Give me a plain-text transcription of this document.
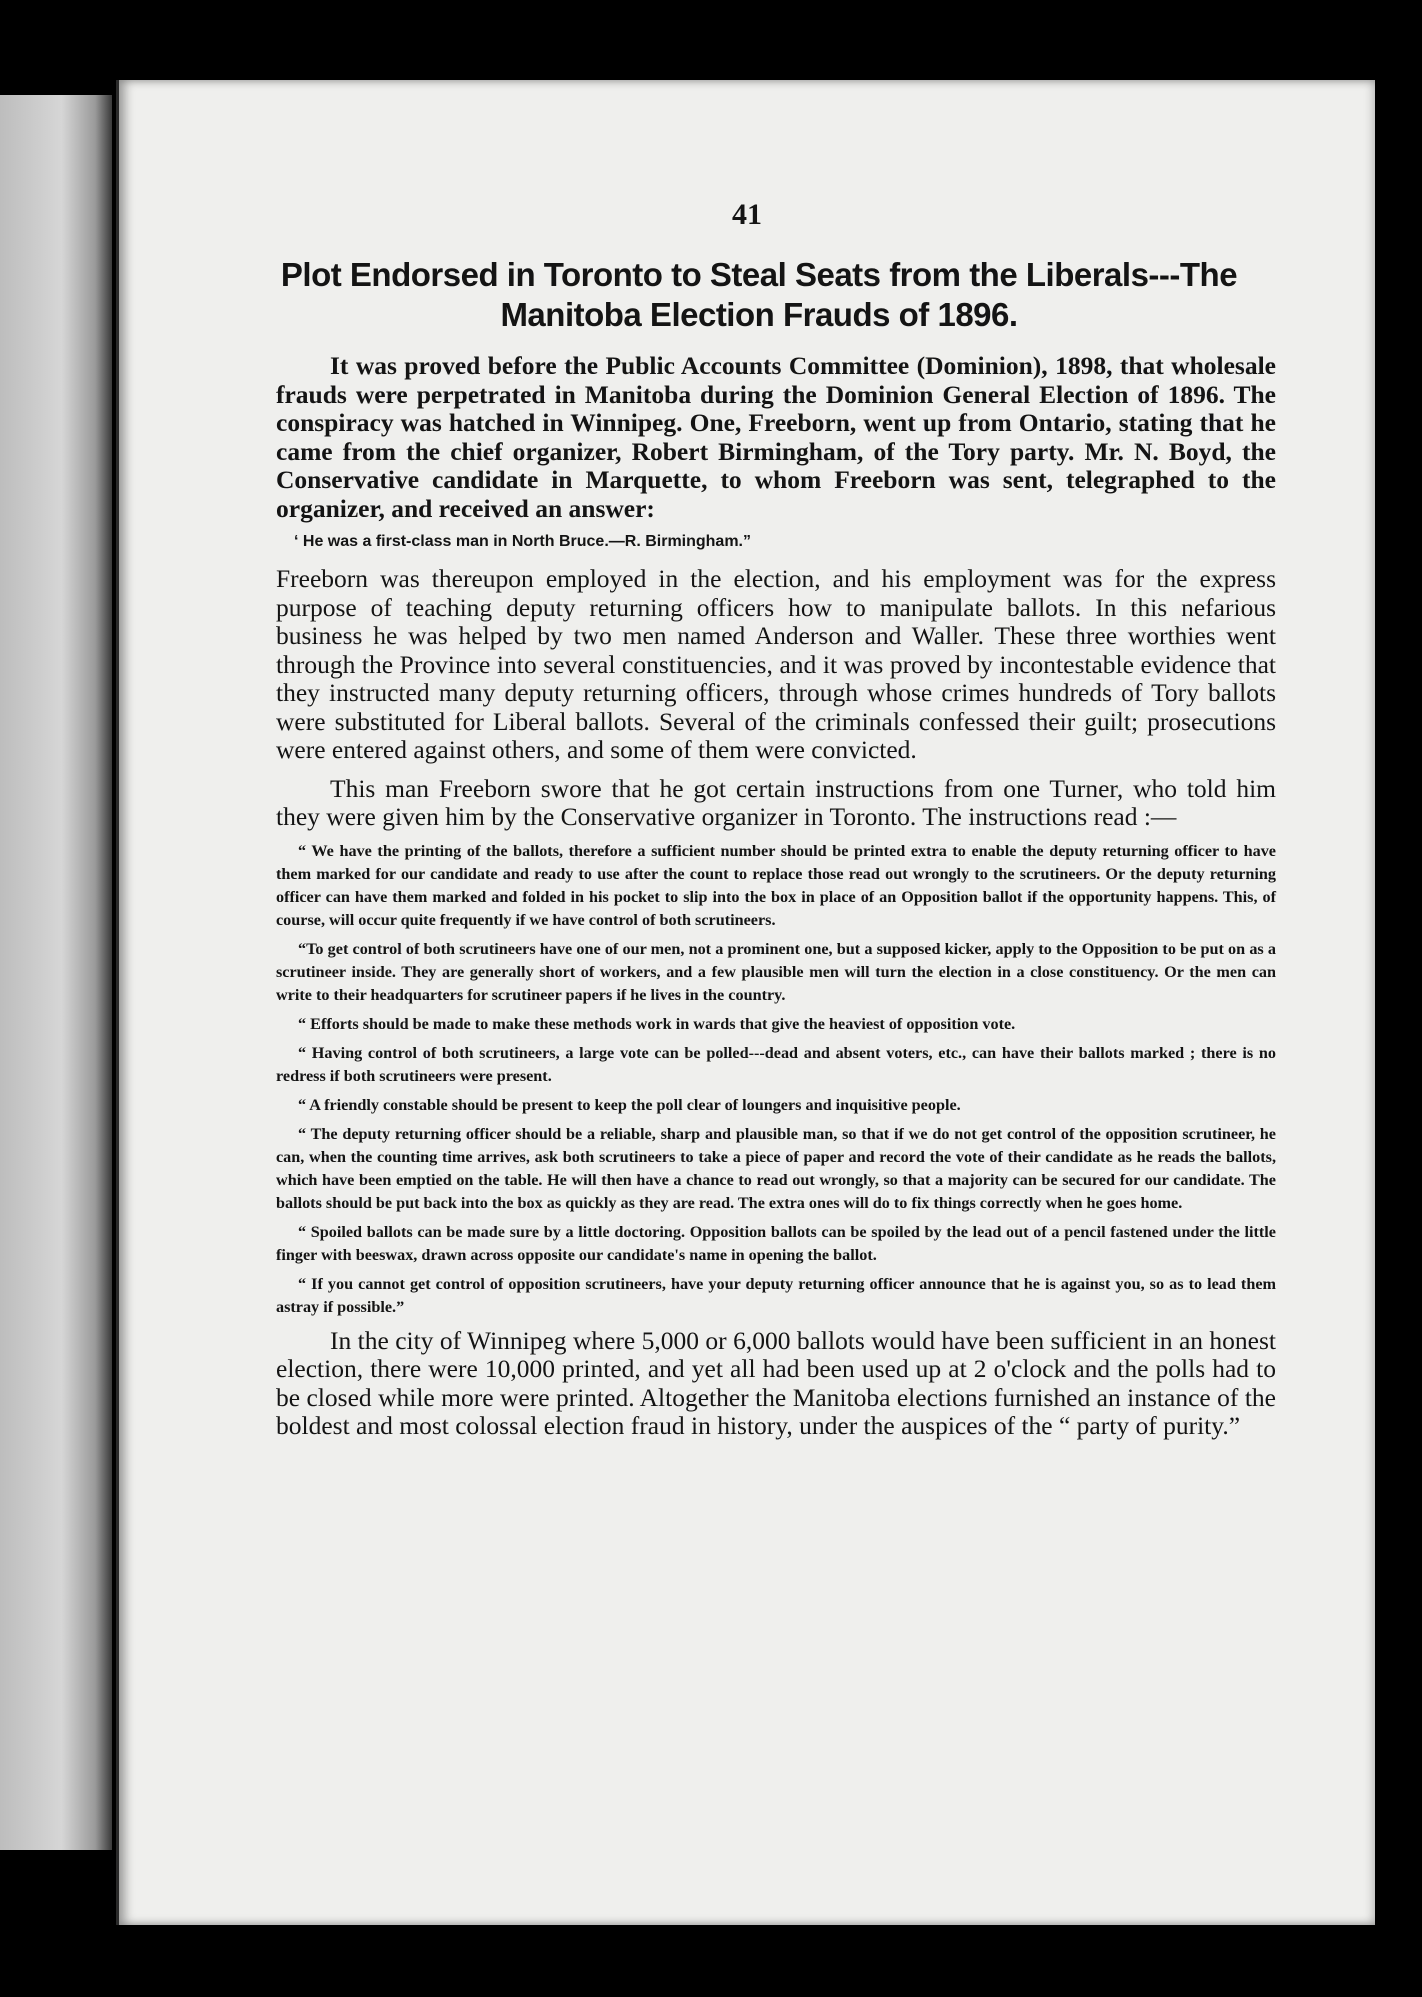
41
Plot Endorsed in Toronto to Steal Seats from the Liberals---The Manitoba Election Frauds of 1896.

It was proved before the Public Accounts Committee (Dominion), 1898, that wholesale frauds were perpetrated in Manitoba during the Dominion General Election of 1896. The conspiracy was hatched in Winnipeg. One, Freeborn, went up from Ontario, stating that he came from the chief organizer, Robert Birmingham, of the Tory party. Mr. N. Boyd, the Conservative candidate in Marquette, to whom Freeborn was sent, telegraphed to the organizer, and received an answer:

‘ He was a first-class man in North Bruce.—R. Birmingham.”

Freeborn was thereupon employed in the election, and his employment was for the express purpose of teaching deputy returning officers how to manipulate ballots. In this nefarious business he was helped by two men named Anderson and Waller. These three worthies went through the Province into several constituencies, and it was proved by incontestable evidence that they instructed many deputy returning officers, through whose crimes hundreds of Tory ballots were substituted for Liberal ballots. Several of the criminals confessed their guilt; prosecutions were entered against others, and some of them were convicted.

This man Freeborn swore that he got certain instructions from one Turner, who told him they were given him by the Conservative organizer in Toronto. The instructions read :—

“ We have the printing of the ballots, therefore a sufficient number should be printed extra to enable the deputy returning officer to have them marked for our candidate and ready to use after the count to replace those read out wrongly to the scrutineers. Or the deputy returning officer can have them marked and folded in his pocket to slip into the box in place of an Opposition ballot if the opportunity happens. This, of course, will occur quite frequently if we have control of both scrutineers.

“To get control of both scrutineers have one of our men, not a prominent one, but a supposed kicker, apply to the Opposition to be put on as a scrutineer inside. They are generally short of workers, and a few plausible men will turn the election in a close constituency. Or the men can write to their headquarters for scrutineer papers if he lives in the country.

“ Efforts should be made to make these methods work in wards that give the heaviest of opposition vote.

“ Having control of both scrutineers, a large vote can be polled---dead and absent voters, etc., can have their ballots marked ; there is no redress if both scrutineers were present.

“ A friendly constable should be present to keep the poll clear of loungers and inquisitive people.

“ The deputy returning officer should be a reliable, sharp and plausible man, so that if we do not get control of the opposition scrutineer, he can, when the counting time arrives, ask both scrutineers to take a piece of paper and record the vote of their candidate as he reads the ballots, which have been emptied on the table. He will then have a chance to read out wrongly, so that a majority can be secured for our candidate. The ballots should be put back into the box as quickly as they are read. The extra ones will do to fix things correctly when he goes home.

“ Spoiled ballots can be made sure by a little doctoring. Opposition ballots can be spoiled by the lead out of a pencil fastened under the little finger with beeswax, drawn across opposite our candidate's name in opening the ballot.

“ If you cannot get control of opposition scrutineers, have your deputy returning officer announce that he is against you, so as to lead them astray if possible.”

In the city of Winnipeg where 5,000 or 6,000 ballots would have been sufficient in an honest election, there were 10,000 printed, and yet all had been used up at 2 o'clock and the polls had to be closed while more were printed. Altogether the Manitoba elections furnished an instance of the boldest and most colossal election fraud in history, under the auspices of the “ party of purity.”
